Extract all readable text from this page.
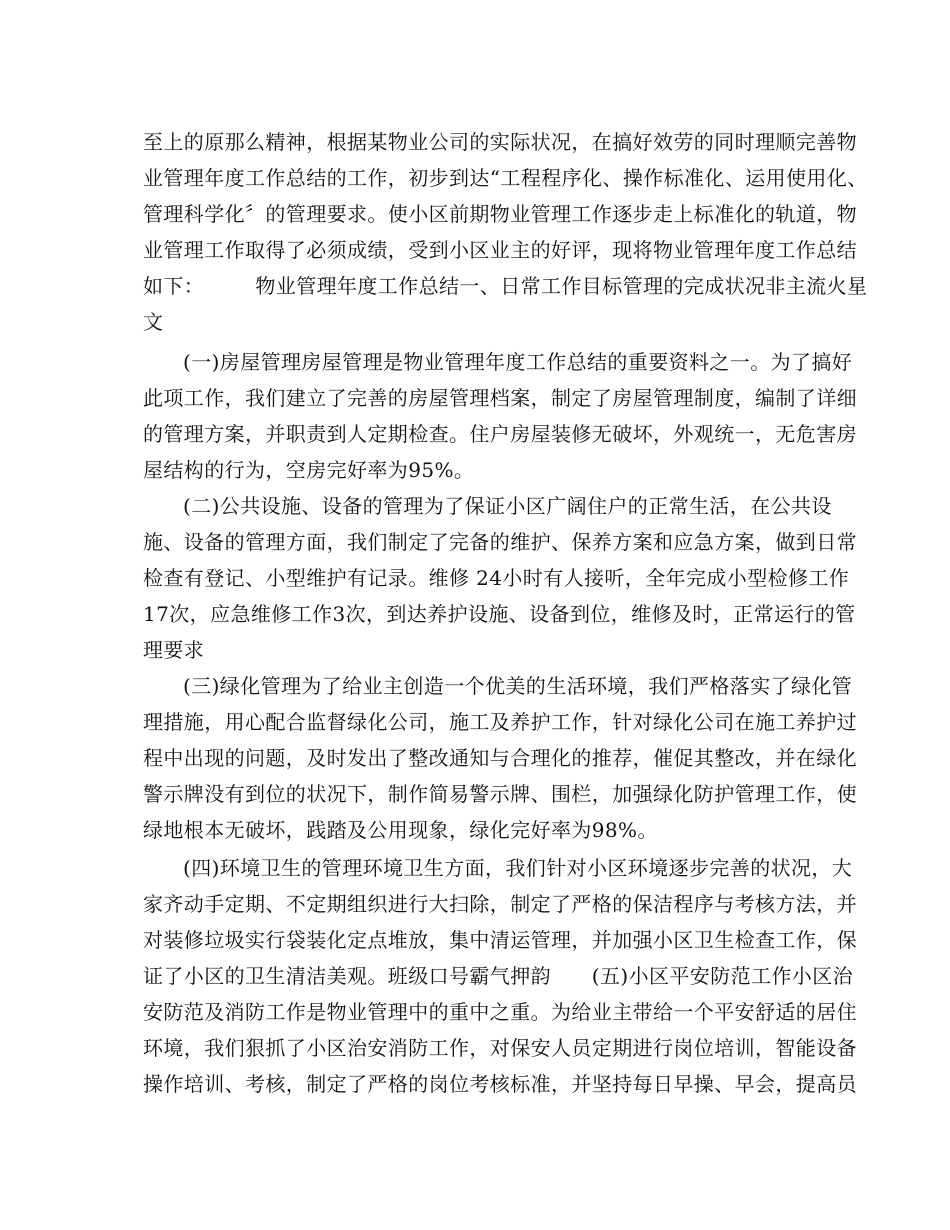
至上的原那么精神，根据某物业公司的实际状况，在搞好效劳的同时理顺完善物
业管理年度工作总结的工作，初步到达“工程程序化、操作标准化、运用使用化、
管理科学化〞的管理要求。使小区前期物业管理工作逐步走上标准化的轨道，物
业管理工作取得了必须成绩，受到小区业主的好评，现将物业管理年度工作总结
如下：　　　物业管理年度工作总结一、日常工作目标管理的完成状况非主流火星
文
(一)房屋管理房屋管理是物业管理年度工作总结的重要资料之一。为了搞好
此项工作，我们建立了完善的房屋管理档案，制定了房屋管理制度，编制了详细
的管理方案，并职责到人定期检查。住户房屋装修无破坏，外观统一，无危害房
屋结构的行为，空房完好率为95%。
(二)公共设施、设备的管理为了保证小区广阔住户的正常生活，在公共设
施、设备的管理方面，我们制定了完备的维护、保养方案和应急方案，做到日常
检查有登记、小型维护有记录。维修 24小时有人接听，全年完成小型检修工作
17次，应急维修工作3次，到达养护设施、设备到位，维修及时，正常运行的管
理要求
(三)绿化管理为了给业主创造一个优美的生活环境，我们严格落实了绿化管
理措施，用心配合监督绿化公司，施工及养护工作，针对绿化公司在施工养护过
程中出现的问题，及时发出了整改通知与合理化的推荐，催促其整改，并在绿化
警示牌没有到位的状况下，制作简易警示牌、围栏，加强绿化防护管理工作，使
绿地根本无破坏，践踏及公用现象，绿化完好率为98%。
(四)环境卫生的管理环境卫生方面，我们针对小区环境逐步完善的状况，大
家齐动手定期、不定期组织进行大扫除，制定了严格的保洁程序与考核方法，并
对装修垃圾实行袋装化定点堆放，集中清运管理，并加强小区卫生检查工作，保
证了小区的卫生清洁美观。班级口号霸气押韵　　(五)小区平安防范工作小区治
安防范及消防工作是物业管理中的重中之重。为给业主带给一个平安舒适的居住
环境，我们狠抓了小区治安消防工作，对保安人员定期进行岗位培训，智能设备
操作培训、考核，制定了严格的岗位考核标准，并坚持每日早操、早会，提高员
